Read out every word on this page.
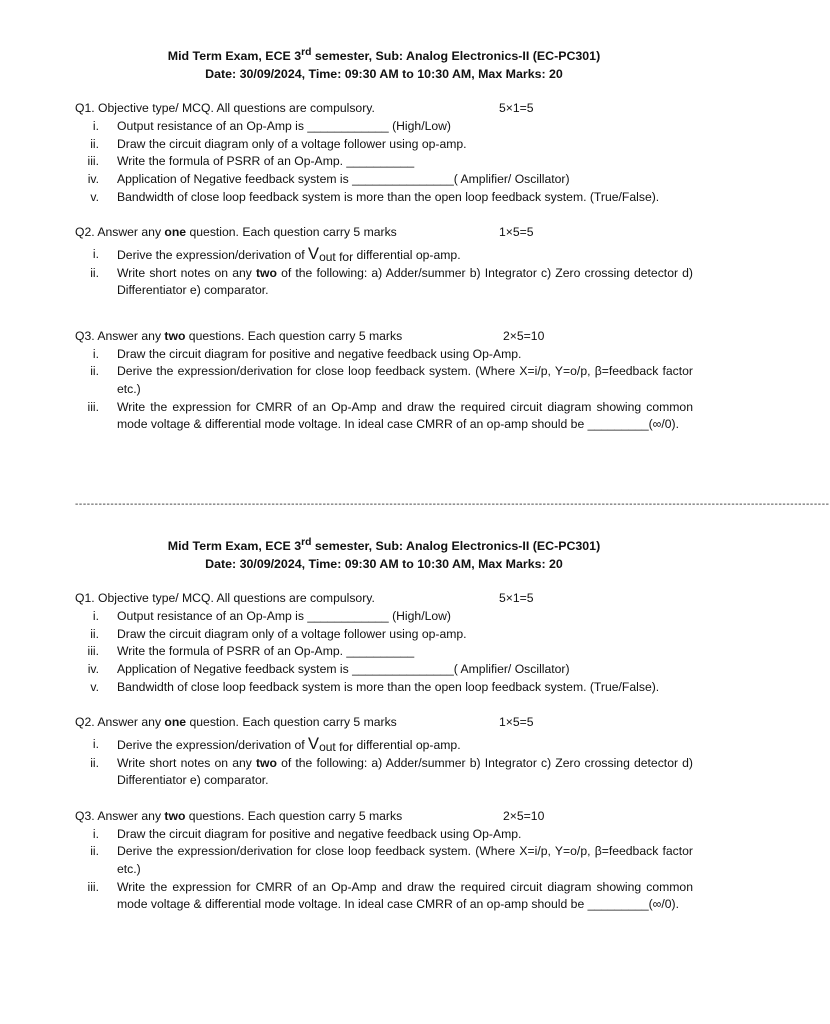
Mid Term Exam, ECE 3rd semester, Sub: Analog Electronics-II (EC-PC301)
Date: 30/09/2024, Time: 09:30 AM to 10:30 AM, Max Marks: 20
Q1. Objective type/ MCQ. All questions are compulsory.	5×1=5
i. Output resistance of an Op-Amp is ____________ (High/Low)
ii. Draw the circuit diagram only of a voltage follower using op-amp.
iii. Write the formula of PSRR of an Op-Amp. __________
iv. Application of Negative feedback system is _______________( Amplifier/ Oscillator)
v. Bandwidth of close loop feedback system is more than the open loop feedback system. (True/False).
Q2. Answer any one question. Each question carry 5 marks	1×5=5
i. Derive the expression/derivation of Vout for differential op-amp.
ii. Write short notes on any two of the following: a) Adder/summer b) Integrator c) Zero crossing detector d) Differentiator e) comparator.
Q3. Answer any two questions. Each question carry 5 marks	2×5=10
i. Draw the circuit diagram for positive and negative feedback using Op-Amp.
ii. Derive the expression/derivation for close loop feedback system. (Where X=i/p, Y=o/p, β=feedback factor etc.)
iii. Write the expression for CMRR of an Op-Amp and draw the required circuit diagram showing common mode voltage & differential mode voltage. In ideal case CMRR of an op-amp should be _________(∞/0).
------------------------------------------------------------------------------------------------------------------------------------------------------------------------------------------------
Mid Term Exam, ECE 3rd semester, Sub: Analog Electronics-II (EC-PC301)
Date: 30/09/2024, Time: 09:30 AM to 10:30 AM, Max Marks: 20
Q1. Objective type/ MCQ. All questions are compulsory.	5×1=5
i. Output resistance of an Op-Amp is ____________ (High/Low)
ii. Draw the circuit diagram only of a voltage follower using op-amp.
iii. Write the formula of PSRR of an Op-Amp. __________
iv. Application of Negative feedback system is _______________( Amplifier/ Oscillator)
v. Bandwidth of close loop feedback system is more than the open loop feedback system. (True/False).
Q2. Answer any one question. Each question carry 5 marks	1×5=5
i. Derive the expression/derivation of Vout for differential op-amp.
ii. Write short notes on any two of the following: a) Adder/summer b) Integrator c) Zero crossing detector d) Differentiator e) comparator.
Q3. Answer any two questions. Each question carry 5 marks	2×5=10
i. Draw the circuit diagram for positive and negative feedback using Op-Amp.
ii. Derive the expression/derivation for close loop feedback system. (Where X=i/p, Y=o/p, β=feedback factor etc.)
iii. Write the expression for CMRR of an Op-Amp and draw the required circuit diagram showing common mode voltage & differential mode voltage. In ideal case CMRR of an op-amp should be _________(∞/0).
